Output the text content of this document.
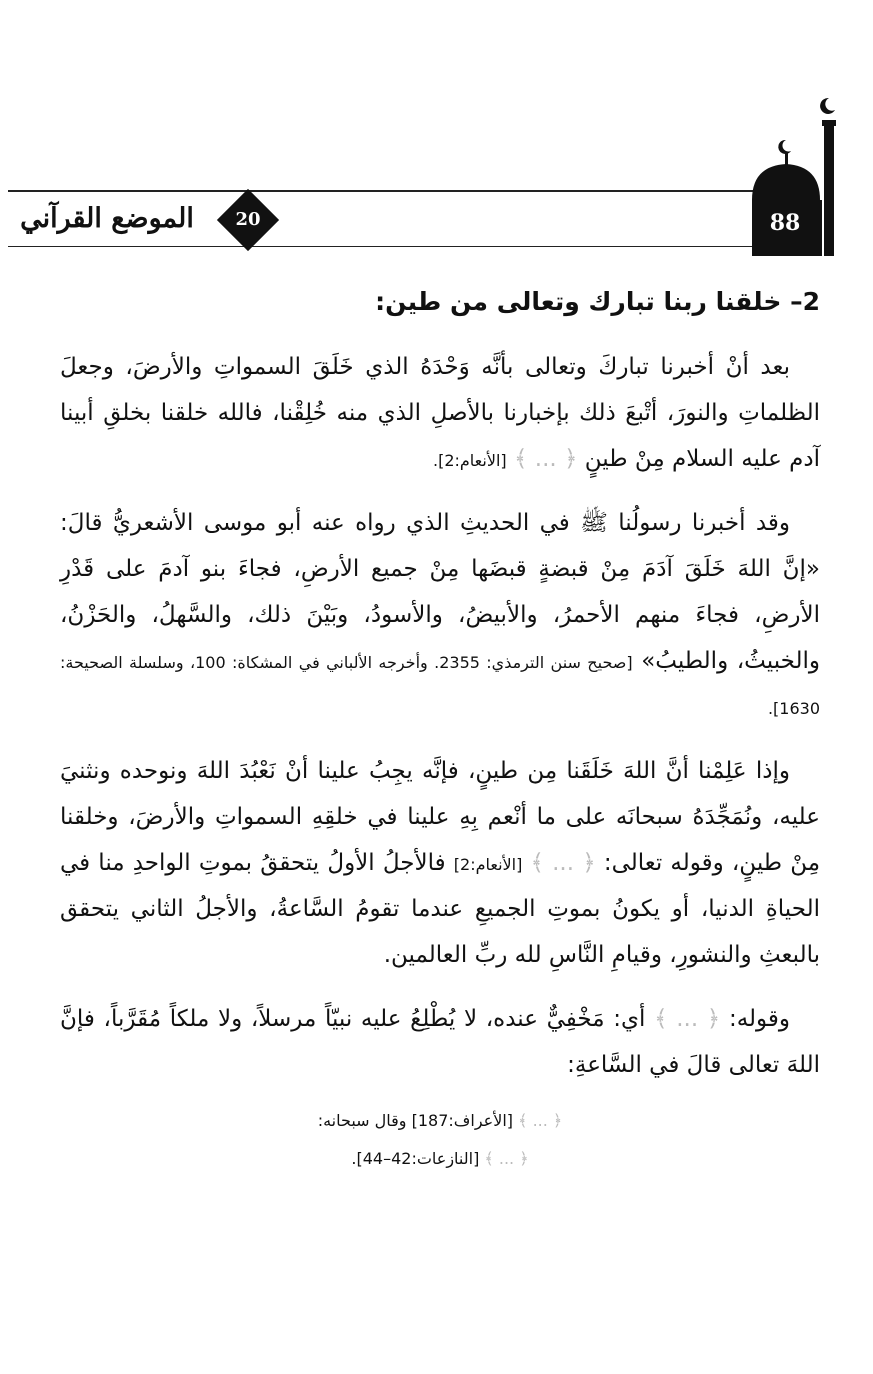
الموضع القرآني	20	88
2– خلقنا ربنا تبارك وتعالى من طين:

بعد أنْ أخبرنا تباركَ وتعالى بأنَّه وَحْدَهُ الذي خَلَقَ السمواتِ والأرضَ، وجعلَ الظلماتِ والنورَ، أتْبعَ ذلك بإخبارنا بالأصلِ الذي منه خُلِقْنا، فالله خلقنا بخلقِ أبينا آدم عليه السلام مِنْ طينٍ ﴿ ... ﴾ [الأنعام:2].

وقد أخبرنا رسولُنا ﷺ في الحديثِ الذي رواه عنه أبو موسى الأشعريُّ قالَ: «إنَّ اللهَ خَلَقَ آدَمَ مِنْ قبضةٍ قبضَها مِنْ جميع الأرضِ، فجاءَ بنو آدمَ على قَدْرِ الأرضِ، فجاءَ منهم الأحمرُ، والأبيضُ، والأسودُ، وبَيْنَ ذلك، والسَّهلُ، والحَزْنُ، والخبيثُ، والطيبُ» [صحيح سنن الترمذي: 2355. وأخرجه الألباني في المشكاة: 100، وسلسلة الصحيحة: 1630].

وإذا عَلِمْنا أنَّ اللهَ خَلَقَنا مِن طينٍ، فإنَّه يجِبُ علينا أنْ نَعْبُدَ اللهَ ونوحده ونثنيَ عليه، ونُمَجِّدَهُ سبحانَه على ما أنْعم بِهِ علينا في خلقِهِ السمواتِ والأرضَ، وخلقنا مِنْ طينٍ، وقوله تعالى: ﴿ ... ﴾ [الأنعام:2] فالأجلُ الأولُ يتحققُ بموتِ الواحدِ منا في الحياةِ الدنيا، أو يكونُ بموتِ الجميعِ عندما تقومُ السَّاعةُ، والأجلُ الثاني يتحقق بالبعثِ والنشورِ، وقيامِ النَّاسِ لله ربِّ العالمين.

وقوله: ﴿ ... ﴾ أي: مَخْفِيٌّ عنده، لا يُطْلِعُ عليه نبيّاً مرسلاً، ولا ملكاً مُقَرَّباً، فإنَّ اللهَ تعالى قالَ في السَّاعةِ:

﴿ ... ﴾ [الأعراف:187] وقال سبحانه:
﴿ ... ﴾ [النازعات:42–44].
